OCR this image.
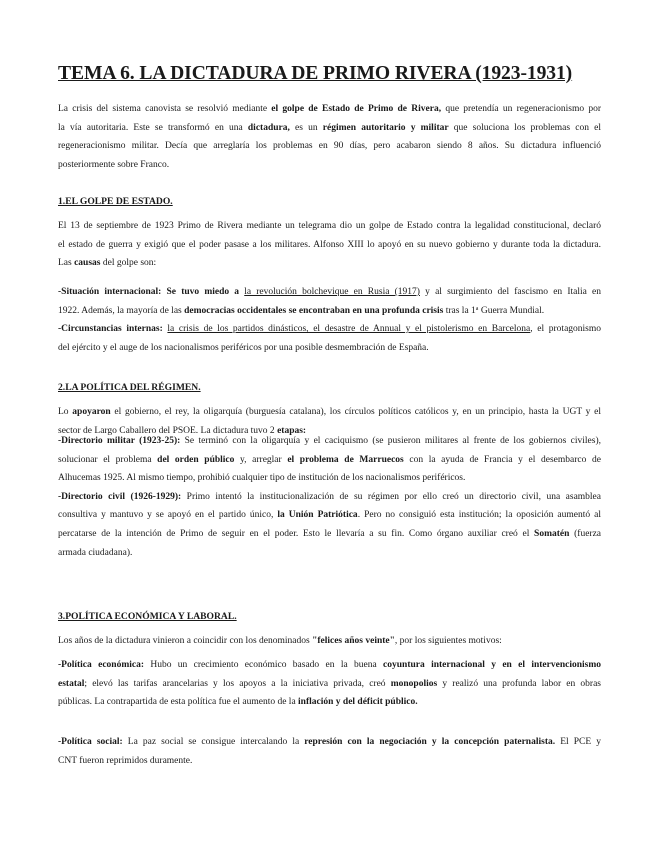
TEMA 6. LA DICTADURA DE PRIMO RIVERA (1923-1931)
La crisis del sistema canovista se resolvió mediante el golpe de Estado de Primo de Rivera, que pretendía un regeneracionismo por
la vía autoritaria. Este se transformó en una dictadura, es un régimen autoritario y militar que soluciona los problemas con el
regeneracionismo militar. Decía que arreglaría los problemas en 90 días, pero acabaron siendo 8 años. Su dictadura influenció
posteriormente sobre Franco.
1.EL GOLPE DE ESTADO.
El 13 de septiembre de 1923 Primo de Rivera mediante un telegrama dio un golpe de Estado contra la legalidad constitucional, declaró
el estado de guerra y exigió que el poder pasase a los militares. Alfonso XIII lo apoyó en su nuevo gobierno y durante toda la dictadura.
Las causas del golpe son:
-Situación internacional: Se tuvo miedo a la revolución bolchevique en Rusia (1917) y al surgimiento del fascismo en Italia en
1922. Además, la mayoría de las democracias occidentales se encontraban en una profunda crisis tras la 1$^a$ Guerra Mundial.
-Circunstancias internas: la crisis de los partidos dinásticos, el desastre de Annual y el pistolerismo en Barcelona, el protagonismo
del ejército y el auge de los nacionalismos periféricos por una posible desmembración de España.
2.LA POLÍTICA DEL RÉGIMEN.
Lo apoyaron el gobierno, el rey, la oligarquía (burguesía catalana), los círculos políticos católicos y, en un principio, hasta la UGT y el
sector de Largo Caballero del PSOE. La dictadura tuvo 2 etapas:
-Directorio militar (1923-25): Se terminó con la oligarquía y el caciquismo (se pusieron militares al frente de los gobiernos civiles),
solucionar el problema del orden público y, arreglar el problema de Marruecos con la ayuda de Francia y el desembarco de
Alhucemas 1925. Al mismo tiempo, prohibió cualquier tipo de institución de los nacionalismos periféricos.
-Directorio civil (1926-1929): Primo intentó la institucionalización de su régimen por ello creó un directorio civil, una asamblea
consultiva y mantuvo y se apoyó en el partido único, la Unión Patriótica. Pero no consiguió esta institución; la oposición aumentó al
percatarse de la intención de Primo de seguir en el poder. Esto le llevaría a su fin. Como órgano auxiliar creó el Somatén (fuerza
armada ciudadana).
3.POLÍTICA ECONÓMICA Y LABORAL.
Los años de la dictadura vinieron a coincidir con los denominados "felices años veinte", por los siguientes motivos:
-Política económica: Hubo un crecimiento económico basado en la buena coyuntura internacional y en el intervencionismo
estatal; elevó las tarifas arancelarias y los apoyos a la iniciativa privada, creó monopolios y realizó una profunda labor en obras
públicas. La contrapartida de esta política fue el aumento de la inflación y del déficit público.
-Política social: La paz social se consigue intercalando la represión con la negociación y la concepción paternalista. El PCE y
CNT fueron reprimidos duramente.
